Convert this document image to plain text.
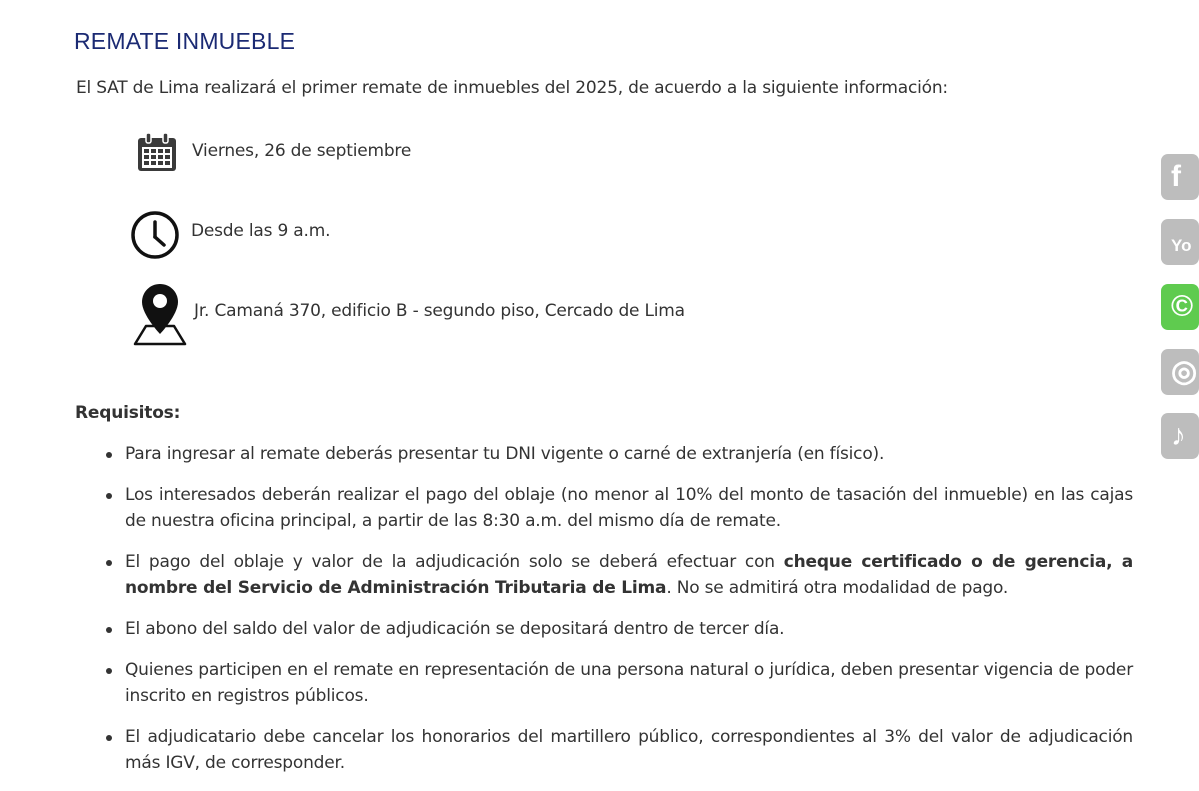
REMATE INMUEBLE

El SAT de Lima realizará el primer remate de inmuebles del 2025, de acuerdo a la siguiente información:

Viernes, 26 de septiembre
Desde las 9 a.m.
Jr. Camaná 370, edificio B - segundo piso, Cercado de Lima
Requisitos:
Para ingresar al remate deberás presentar tu DNI vigente o carné de extranjería (en físico).
Los interesados deberán realizar el pago del oblaje (no menor al 10% del monto de tasación del inmueble) en las cajas de nuestra oficina principal, a partir de las 8:30 a.m. del mismo día de remate.
El pago del oblaje y valor de la adjudicación solo se deberá efectuar con cheque certificado o de gerencia, a nombre del Servicio de Administración Tributaria de Lima. No se admitirá otra modalidad de pago.
El abono del saldo del valor de adjudicación se depositará dentro de tercer día.
Quienes participen en el remate en representación de una persona natural o jurídica, deben presentar vigencia de poder inscrito en registros públicos.
El adjudicatario debe cancelar los honorarios del martillero público, correspondientes al 3% del valor de adjudicación más IGV, de corresponder.
f
Yo
©
◎
♪
